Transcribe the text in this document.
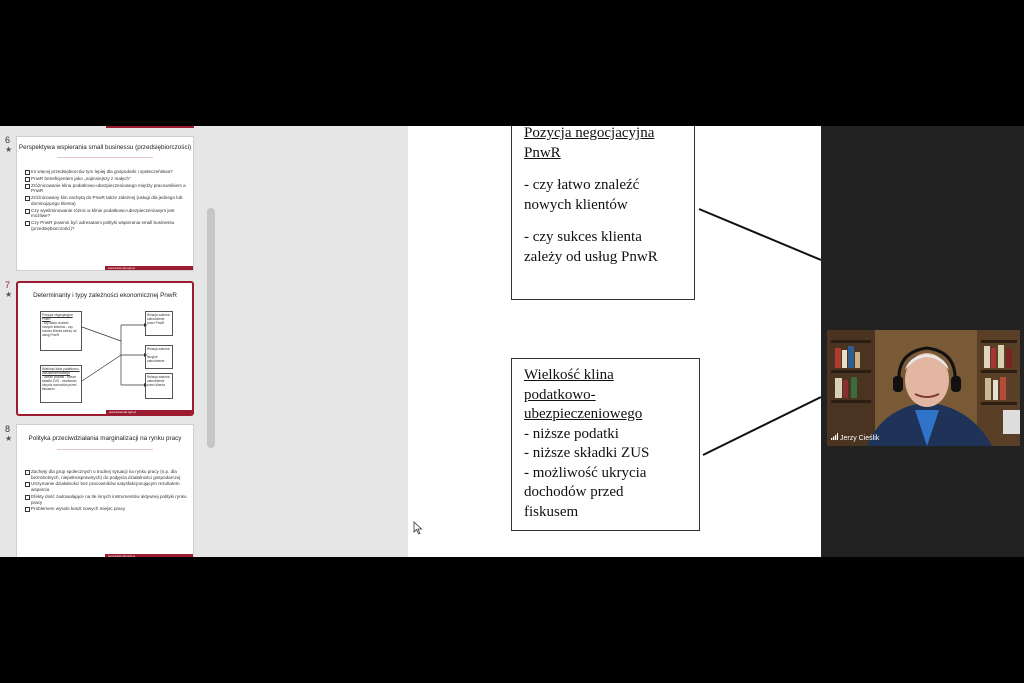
6
★	Perspektywa wspierania small businessu (przedsiębiorczości)
Im więcej przedsiębiorców tym lepiej dla gospodarki i społeczeństwa?
PnwR beneficjentem jako „najmniejszy z małych”
Zróżnicowanie klina podatkowo-ubezpieczeniowego między pracownikiem a PnwR
Zróżnicowany klin zachętą do PnwR także zależnej (usługi dla jednego lub dominującego klienta)
Czy wyeliminowanie różnic w klinie podatkowo-ubezpieczeniowym jest możliwe?
Czy PnwR powinni być adresatami polityki wspierania small businessu (przedsiębiorczości)?
www.ksiemalr.sgh.pl
7
★	Determinanty i typy zależności ekonomicznej PnwR
Pozycja negocjacyjna PnwR
- czy łatwo znaleźć nowych klientów - czy sukces klienta zależy od usług PnwR
Wielkość klina podatkowo-ubezpieczeniowego
- niższe podatki - niższe składki ZUS - możliwość ukrycia dochodów przed fiskusem
Relacja zależna
zatrudnienie przez PnwR
Relacja zależna –
fikcyjne zatrudnienie
Relacja zależna
zatrudnienie przez klienta
www.ksiemalr.sgh.pl
8
★	Polityka przeciwdziałania marginalizacji na rynku pracy
Zachęty dla grup społecznych o trudnej sytuacji na rynku pracy (n.p. dla bezrobotnych, niepełnosprawnych) do podjęcia działalności gospodarczej
Utrzymanie działalności bez pracowników satysfakcjonującym rezultatem wsparcia
Efekty dość zadowalające na tle innych instrumentów aktywnej polityki rynku pracy
Problemem wysoki koszt nowych miejsc pracy
www.ksiemalr.sgh.pl

Pozycja negocjacyjna

PnwR

- czy łatwo znaleźć

nowych klientów

- czy sukces klienta

zależy od usług PnwR

Wielkość klina

podatkowo-

ubezpieczeniowego

- niższe podatki

- niższe składki ZUS

- możliwość ukrycia

dochodów przed

fiskusem

Jerzy Cieślik
